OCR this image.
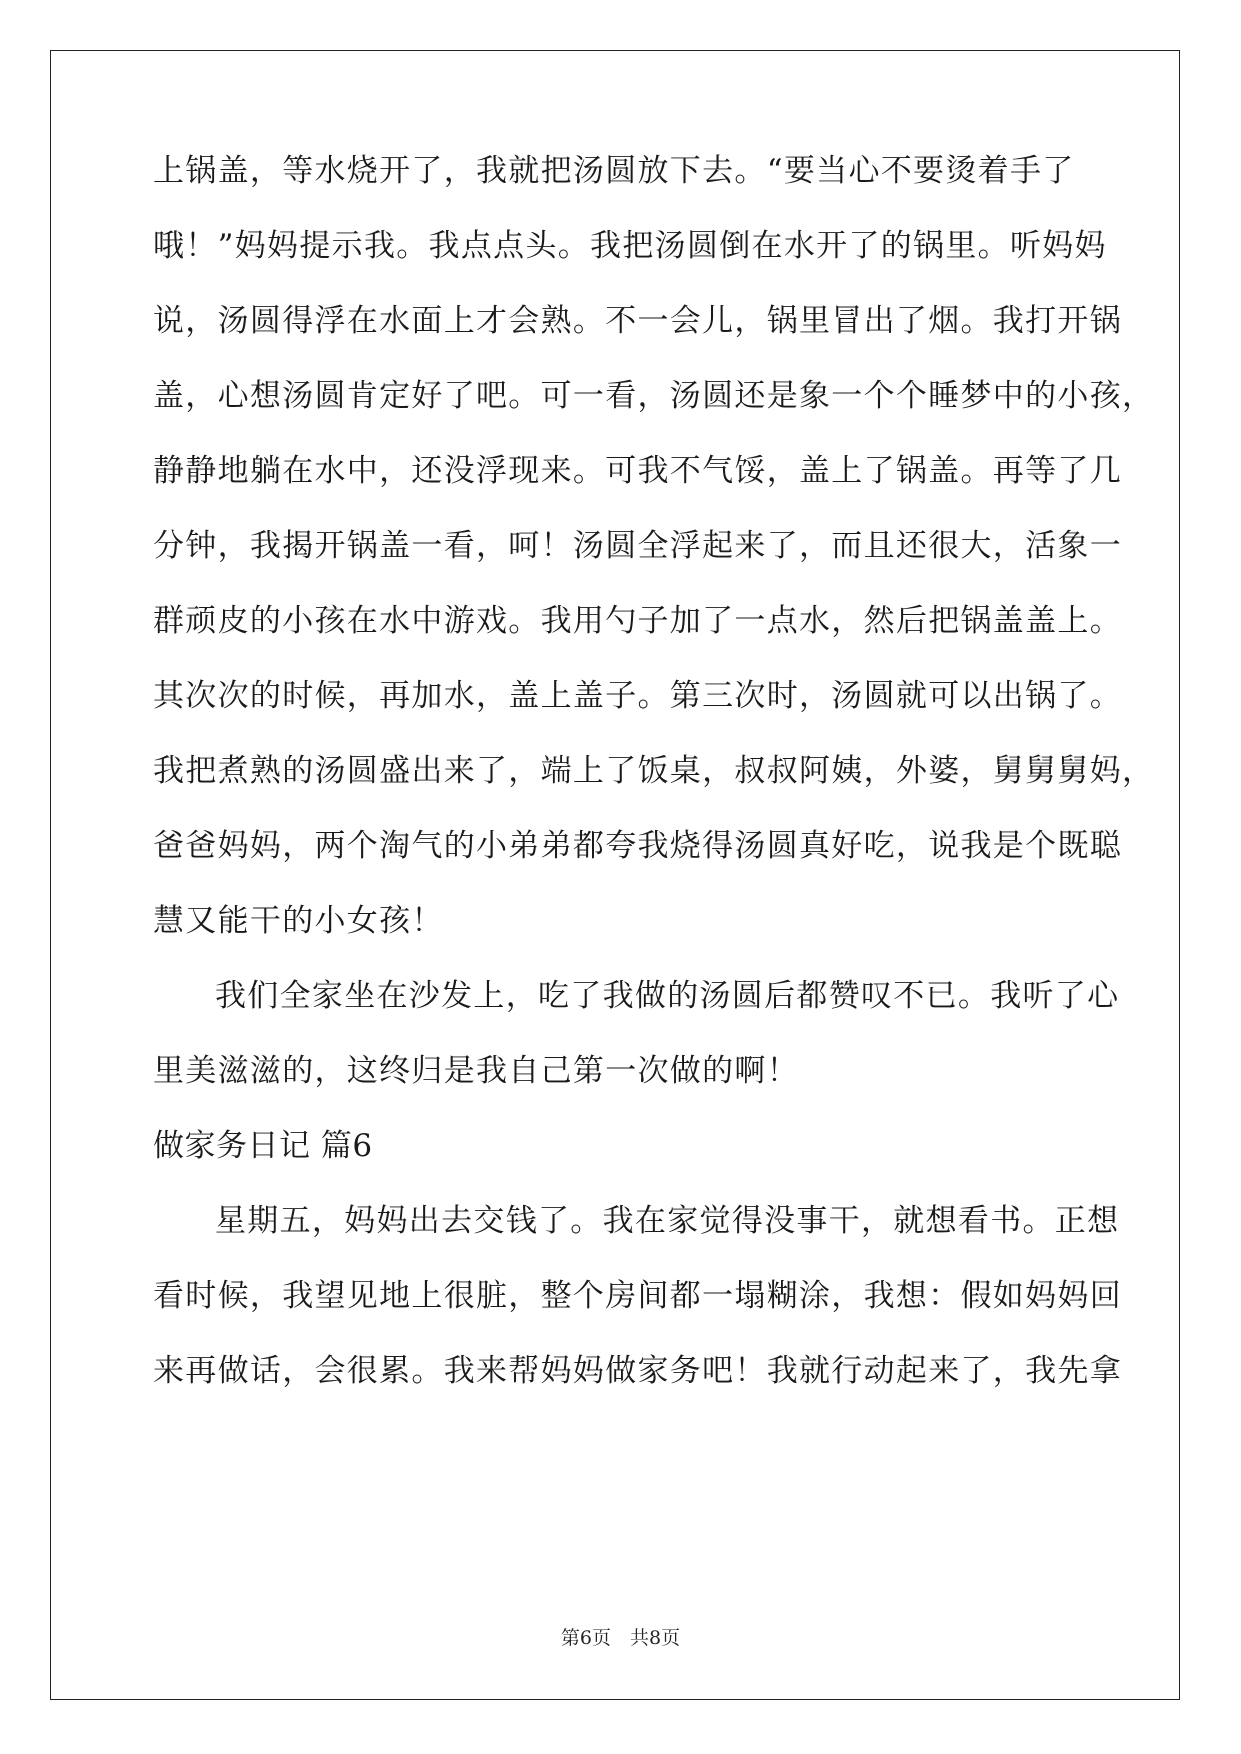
上锅盖，等水烧开了，我就把汤圆放下去。“要当心不要烫着手了
哦！”妈妈提示我。我点点头。我把汤圆倒在水开了的锅里。听妈妈
说，汤圆得浮在水面上才会熟。不一会儿，锅里冒出了烟。我打开锅
盖，心想汤圆肯定好了吧。可一看，汤圆还是象一个个睡梦中的小孩，
静静地躺在水中，还没浮现来。可我不气馁，盖上了锅盖。再等了几
分钟，我揭开锅盖一看，呵！汤圆全浮起来了，而且还很大，活象一
群顽皮的小孩在水中游戏。我用勺子加了一点水，然后把锅盖盖上。
其次次的时候，再加水，盖上盖子。第三次时，汤圆就可以出锅了。
我把煮熟的汤圆盛出来了，端上了饭桌，叔叔阿姨，外婆，舅舅舅妈，
爸爸妈妈，两个淘气的小弟弟都夸我烧得汤圆真好吃，说我是个既聪
慧又能干的小女孩！
我们全家坐在沙发上，吃了我做的汤圆后都赞叹不已。我听了心
里美滋滋的，这终归是我自己第一次做的啊！
做家务日记 篇6
星期五，妈妈出去交钱了。我在家觉得没事干，就想看书。正想
看时候，我望见地上很脏，整个房间都一塌糊涂，我想：假如妈妈回
来再做话，会很累。我来帮妈妈做家务吧！我就行动起来了，我先拿
第6页　共8页
